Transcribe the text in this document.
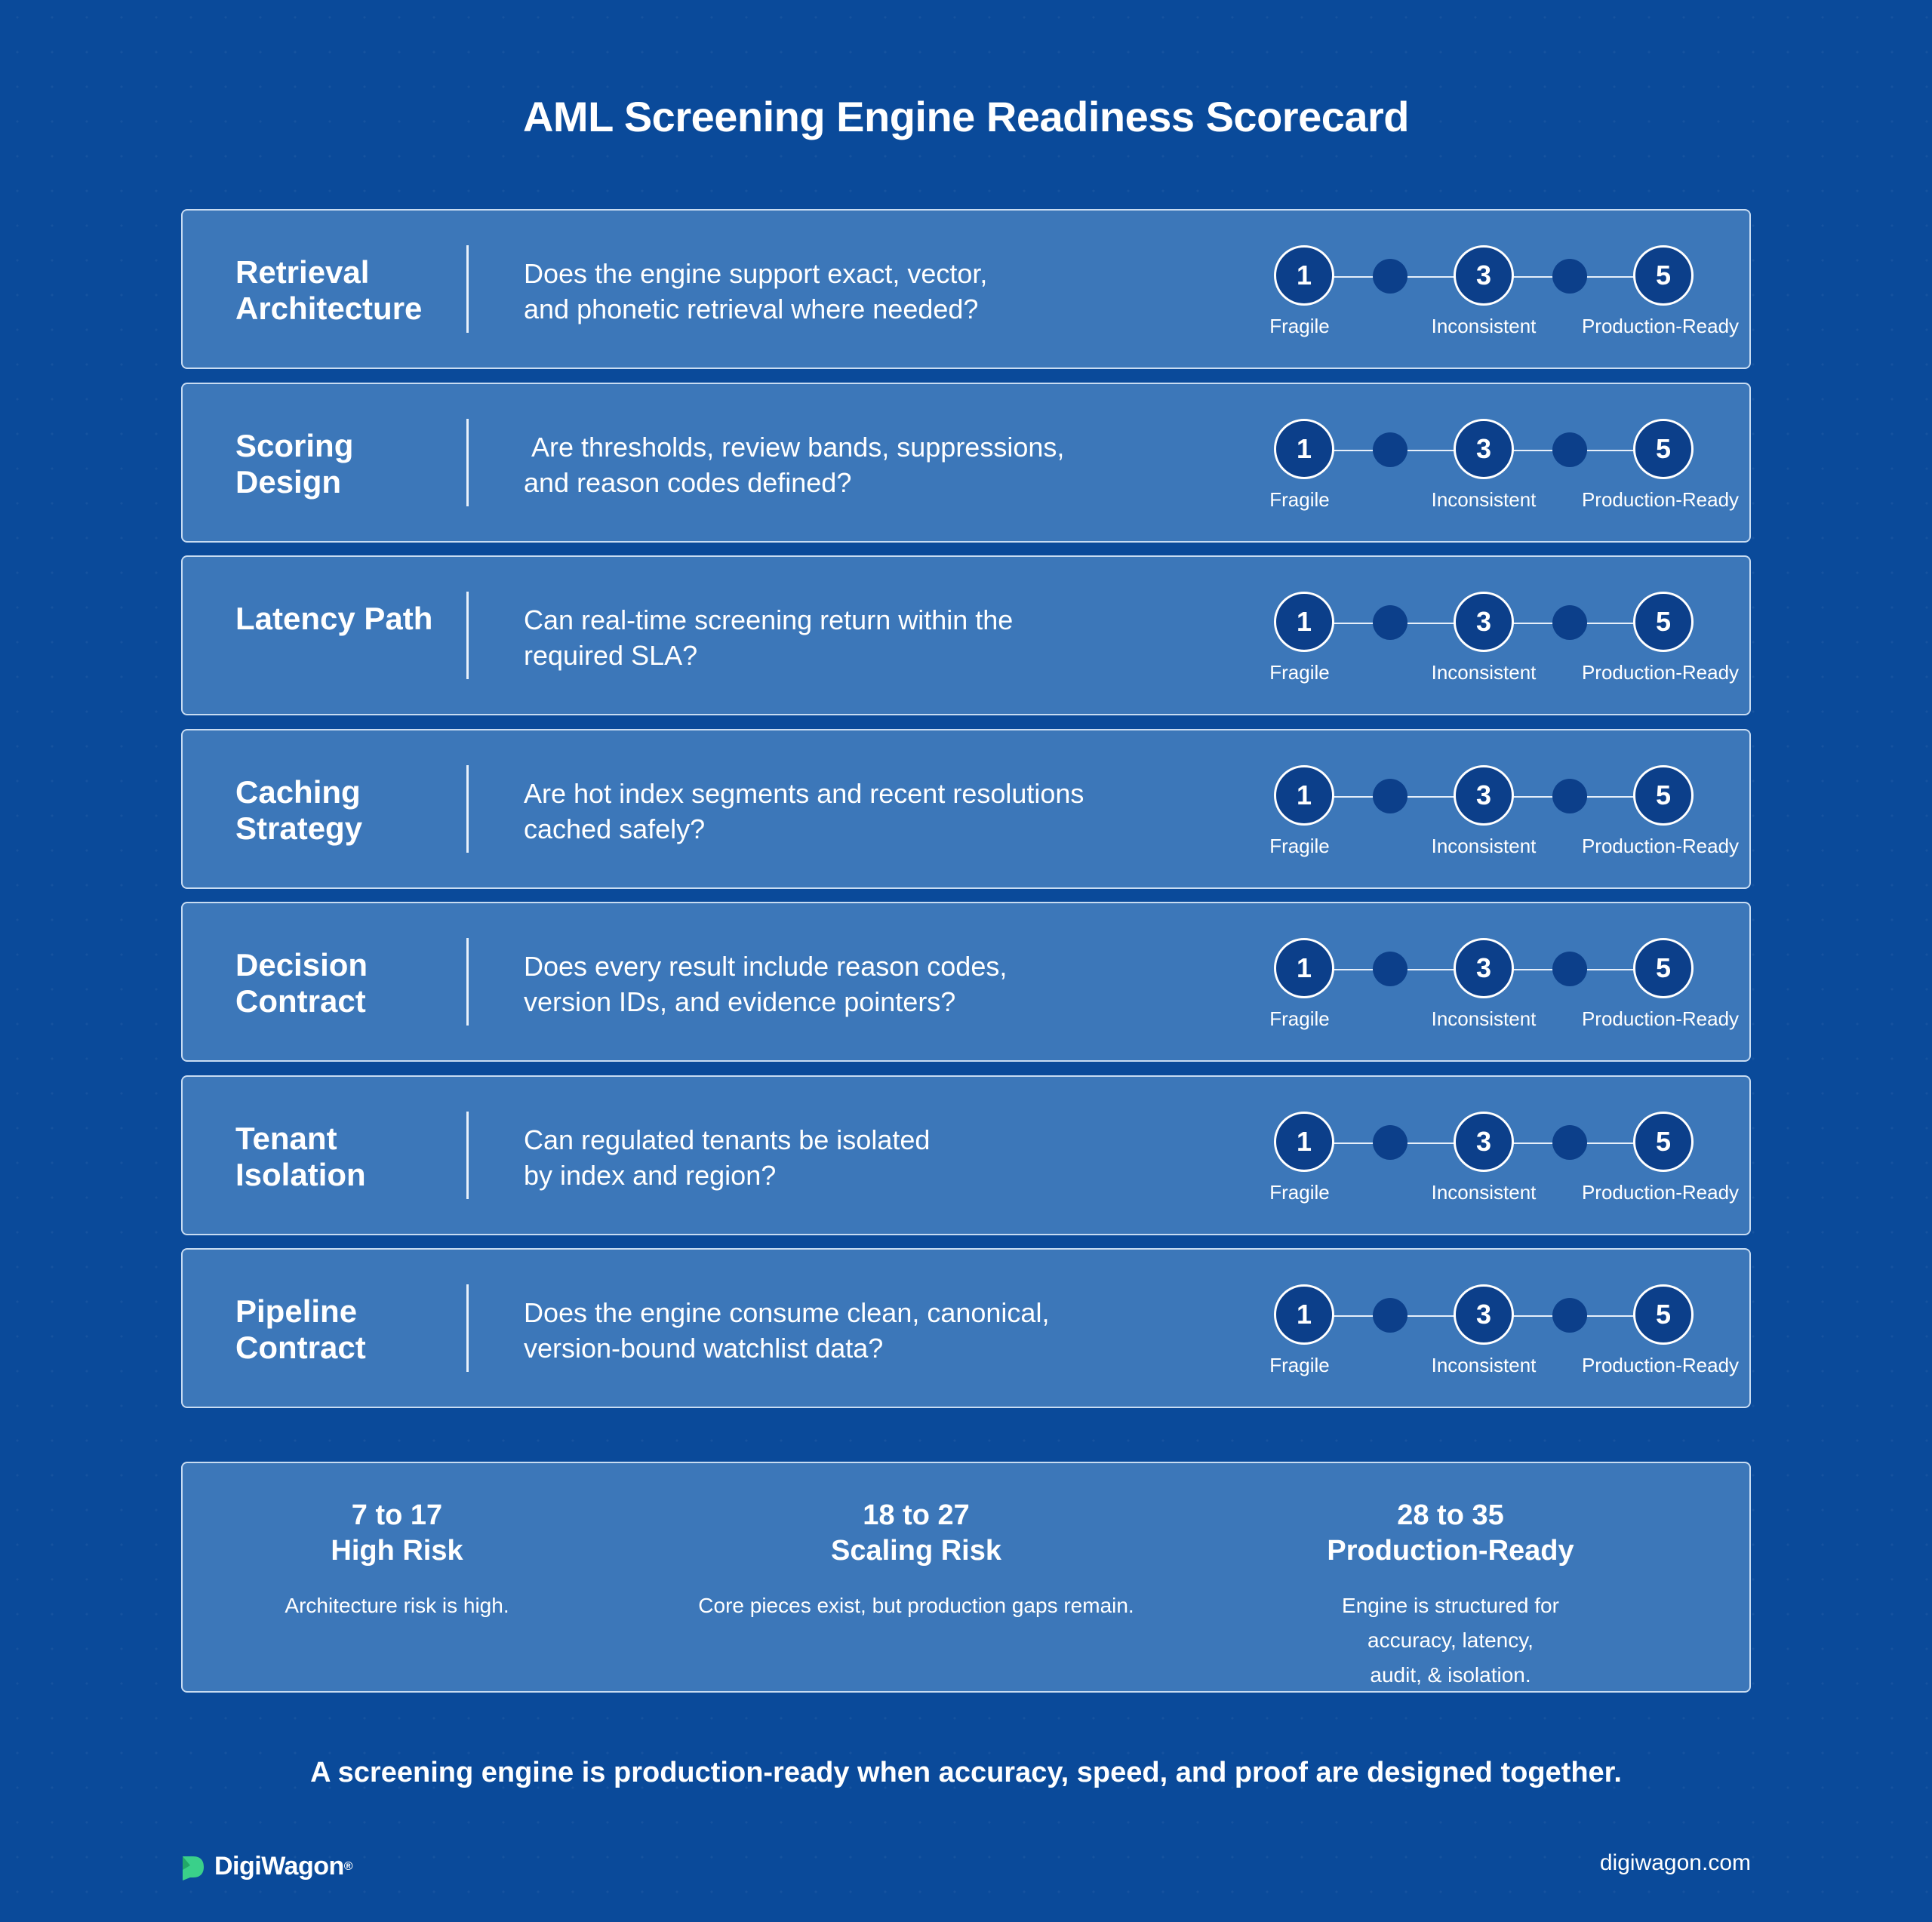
AML Screening Engine Readiness Scorecard
Retrieval Architecture
Does the engine support exact, vector,
and phonetic retrieval where needed?
1	3	5
Fragile	Inconsistent Production-Ready
Scoring Design
Are thresholds, review bands, suppressions,
and reason codes defined?
1	3	5
Fragile	Inconsistent Production-Ready
Latency Path	Can real-time screening return within the
required SLA?
1	3	5
Fragile	Inconsistent Production-Ready
Caching Strategy
Are hot index segments and recent resolutions
cached safely?
1	3	5
Fragile	Inconsistent Production-Ready
Decision Contract
Does every result include reason codes,
version IDs, and evidence pointers?
1	3	5
Fragile	Inconsistent Production-Ready
Tenant Isolation
Can regulated tenants be isolated
by index and region?
1	3	5
Fragile	Inconsistent Production-Ready
Pipeline Contract
Does the engine consume clean, canonical,
version-bound watchlist data?
1	3	5
Fragile	Inconsistent Production-Ready
7 to 17
High Risk
Architecture risk is high.
18 to 27
Scaling Risk
Core pieces exist, but production gaps remain.
28 to 35
Production-Ready
Engine is structured for accuracy, latency,
audit, & isolation.
A screening engine is production-ready when accuracy, speed, and proof are designed together.
DigiWagon ®	digiwagon.com
